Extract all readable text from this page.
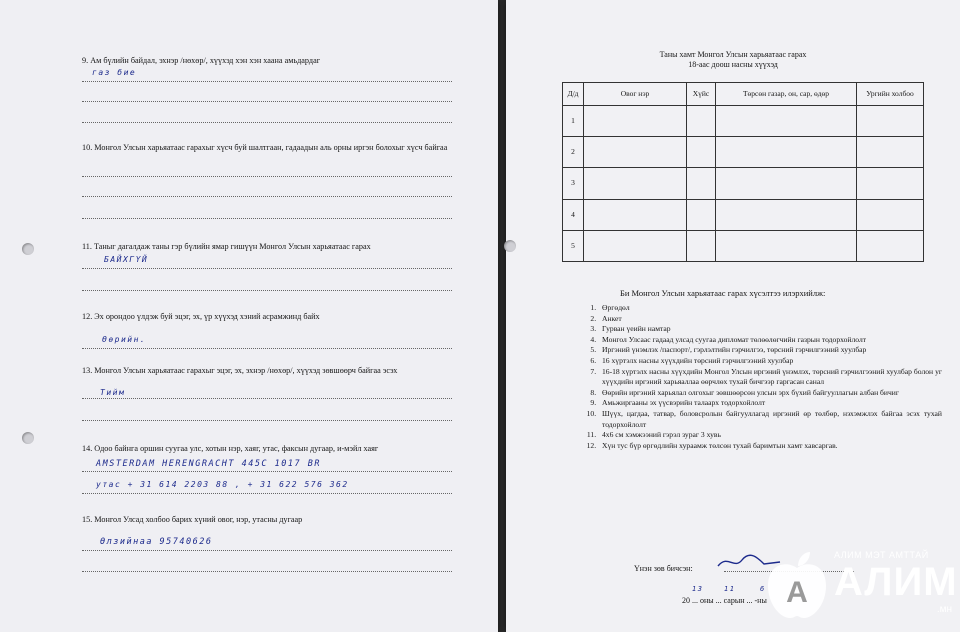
9. Ам бүлийн байдал, эхнэр /нөхөр/, хүүхэд хэн хэн хаана амьдардаг
газ бие
10. Монгол Улсын харьяатаас гарахыг хүсч буй шалтгаан, гадаадын аль орны иргэн болохыг хүсч байгаа
11. Таныг дагалдаж таны гэр бүлийн ямар гишүүн Монгол Улсын харьяатаас гарах
БАЙХГҮЙ
12. Эх орондоо үлдэж буй эцэг, эх, үр хүүхэд хэний асрамжинд байх
Өөрийн.
13. Монгол Улсын харьяатаас гарахыг эцэг, эх, эхнэр /нөхөр/, хүүхэд зөвшөөрч байгаа эсэх
Тийм
14. Одоо байнга оршин суугаа улс, хотын нэр, хаяг, утас, факсын дугаар, и-мэйл хаяг
AMSTERDAM HERENGRACHT 445C 1017 BR
утас + 31 614 2203 88 , + 31 622 576 362
15. Монгол Улсад холбоо барих хүний овог, нэр, утасны дугаар
Өлзийнаа 95740626
Таны хамт Монгол Улсын харьяатаас гарах
18-аас доош насны хүүхэд
Д/д	Овог нэр	Хүйс	Төрсөн газар, он, сар, өдөр	Ургийн холбоо
1				
2				
3				
4				
5				
Би Монгол Улсын харьяатаас гарах хүсэлтээ илэрхийлж:
1. Өргөдөл
2. Анкет
3. Гурван үеийн намтар
4. Монгол Улсаас гадаад улсад суугаа дипломат төлөөлөгчийн газрын тодорхойлолт
5. Иргэний үнэмлэх /паспорт/, гэрлэлтийн гэрчилгээ, төрсний гэрчилгээний хуулбар
6. 16 хүртэлх насны хүүхдийн төрсний гэрчилгээний хуулбар
7. 16-18 хүртэлх насны хүүхдийн Монгол Улсын иргэний үнэмлэх, төрсний гэрчилгээний хуулбар болон уг хүүхдийн иргэний харьяаллаа өөрчлөх тухай бичгээр гаргасан санал
8. Өөрийн иргэний харьялал олгохыг зөвшөөрсөн улсын эрх бүхий байгууллагын албан бичиг
9. Амьжиргааны эх үүсвэрийн талаарх тодорхойлолт
10. Шүүх, цагдаа, татвар, боловсролын байгууллагад иргэний өр төлбөр, нэхэмжлэх байгаа эсэх тухай тодорхойлолт
11. 4х6 см хэмжээний гэрэл зураг 3 хувь
12. Хүн тус бүр өргөдлийн хураамж төлсөн тухай баримтын хамт хавсаргав.
Үнэн зөв бичсэн:
20 ... оны ... сарын ... -ны
13	11	6 A
АЛИМ МЭТ АМТТАЙ
АЛИМ
.мн
